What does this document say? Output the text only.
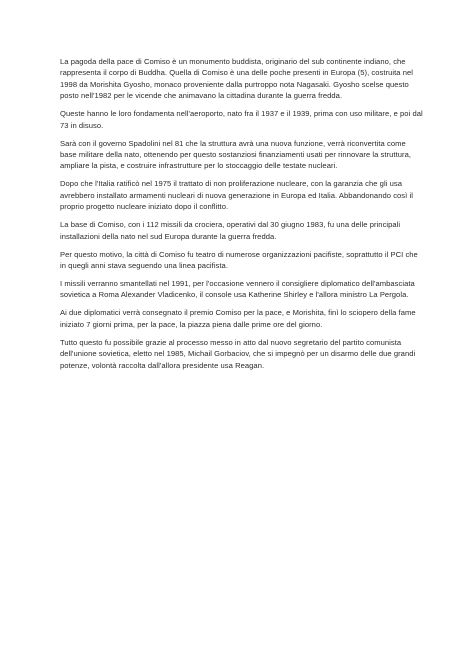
La pagoda della pace di Comiso è un monumento buddista, originario del sub continente indiano, che rappresenta il corpo di Buddha. Quella di Comiso è una delle poche presenti in Europa (5), costruita nel 1998 da Morishita Gyosho, monaco proveniente dalla purtroppo nota Nagasaki. Gyosho scelse questo posto nell'1982 per le vicende che animavano la cittadina durante la guerra fredda.

Queste hanno le loro fondamenta nell'aeroporto, nato fra il 1937 e il 1939, prima con uso militare, e poi dal 73 in disuso.

Sarà con il governo Spadolini nel 81 che la struttura avrà una nuova funzione, verrà riconvertita come base militare della nato, ottenendo per questo sostanziosi finanziamenti usati per rinnovare la struttura, ampliare la pista, e costruire infrastrutture per lo stoccaggio delle testate nucleari.

Dopo che l'Italia ratificò nel 1975 il trattato di non proliferazione nucleare, con la garanzia che gli usa avrebbero installato armamenti nucleari di nuova generazione in Europa ed Italia. Abbandonando così il proprio progetto nucleare iniziato dopo il conflitto.

La base di Comiso, con i 112 missili da crociera, operativi dal 30 giugno 1983, fu una delle principali installazioni della nato nel sud Europa durante la guerra fredda.

Per questo motivo, la città di Comiso fu teatro di numerose organizzazioni pacifiste, soprattutto il PCI che in quegli anni stava seguendo una linea pacifista.

I missili verranno smantellati nel 1991, per l'occasione vennero il consigliere diplomatico dell'ambasciata sovietica a Roma Alexander Vladicenko, il console usa Katherine Shirley e l'allora ministro La Pergola.

Ai due diplomatici verrà consegnato il premio Comiso per la pace, e Morishita, finì lo sciopero della fame iniziato 7 giorni prima, per la pace, la piazza piena dalle prime ore del giorno.

Tutto questo fu possibile grazie al processo messo in atto dal nuovo segretario del partito comunista dell'unione sovietica, eletto nel 1985, Michail Gorbaciov, che si impegnò per un disarmo delle due grandi potenze, volontà raccolta dall'allora presidente usa Reagan.
